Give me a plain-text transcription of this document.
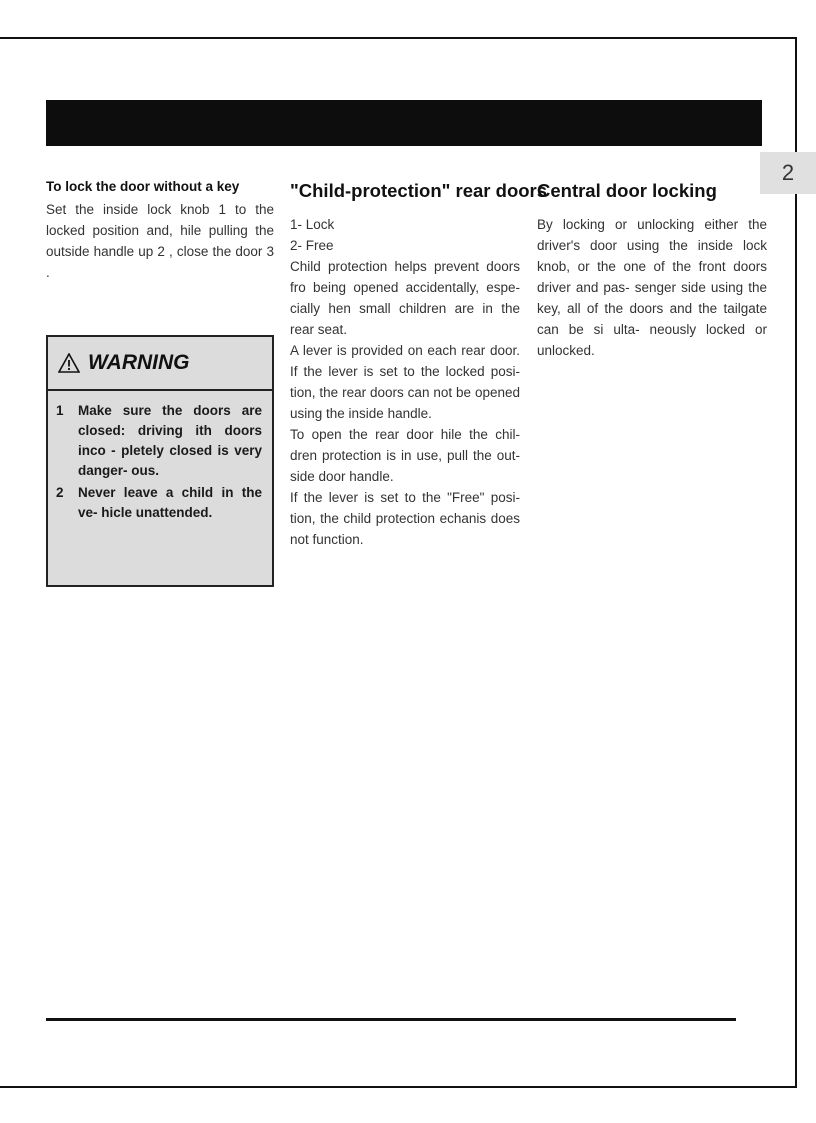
2
To lock the door without a key

Set the inside lock knob 1 to the locked position and, hile pulling the outside handle up 2 , close the door 3 .

WARNING
1	Make sure the doors are closed: driving ith doors inco - pletely closed is very danger- ous.
2	Never leave a child in the ve- hicle unattended.
"Child-protection" rear doors

1- Lock

2- Free

Child protection helps prevent doors fro being opened accidentally, espe- cially hen small children are in the rear seat.

A lever is provided on each rear door. If the lever is set to the locked posi- tion, the rear doors can not be opened using the inside handle.

To open the rear door hile the chil- dren protection is in use, pull the out- side door handle.

If the lever is set to the "Free" posi- tion, the child protection echanis does not function.

Central door locking

By locking or unlocking either the driver's door using the inside lock knob, or the one of the front doors driver and pas- senger side using the key, all of the doors and the tailgate can be si ulta- neously locked or unlocked.
